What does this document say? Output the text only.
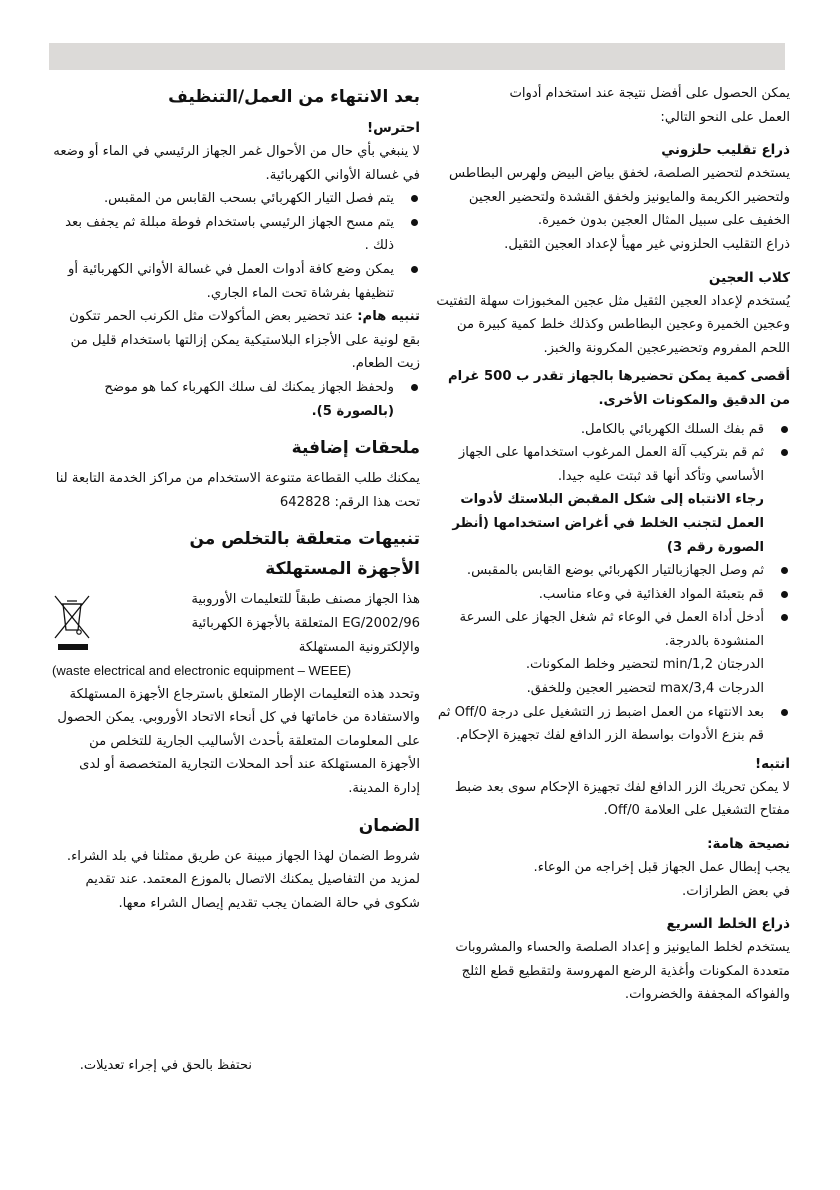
يمكن الحصول على أفضل نتيجة عند استخدام أدوات

العمل على النحو التالي:

ذراع تقليب حلزوني

يستخدم لتحضير الصلصة، لخفق بياض البيض ولهرس البطاطس ولتحضير الكريمة والمايونيز ولخفق القشدة ولتحضير العجين الخفيف على سبيل المثال العجين بدون خميرة.

ذراع التقليب الحلزوني غير مهيأ لإعداد العجين الثقيل.

كلاب العجين

يُستخدم لإعداد العجين الثقيل مثل عجين المخبوزات سهلة التفتيت وعجين الخميرة وعجين البطاطس وكذلك خلط كمية كبيرة من اللحم المفروم وتحضيرعجين المكرونة والخبز.

أقصى كمية يمكن تحضيرها بالجهاز تقدر ب 500 غرام من الدقيق والمكونات الأخرى.

قم بفك السلك الكهربائي بالكامل.
ثم قم بتركيب آلة العمل المرغوب استخدامها على الجهاز الأساسي وتأكد أنها قد ثبتت عليه جيدا.
رجاء الانتباه إلى شكل المقبض البلاستك لأدوات العمل لتجنب الخلط في أغراض استخدامها (أنظر الصورة رقم 3)
ثم وصل الجهازبالتيار الكهربائي بوضع القابس بالمقبس.
قم بتعبئة المواد الغذائية في وعاء مناسب.
أدخل أداة العمل في الوعاء ثم شغل الجهاز على السرعة المنشودة بالدرجة.
الدرجتان min/1,2 لتحضير وخلط المكونات.
الدرجات max/3,4 لتحضير العجين وللخفق.
بعد الانتهاء من العمل اضبط زر التشغيل على درجة Off/0 ثم قم بنزع الأدوات بواسطة الزر الدافع لفك تجهيزة الإحكام.
انتبه!

لا يمكن تحريك الزر الدافع لفك تجهيزة الإحكام سوى بعد ضبط مفتاح التشغيل على العلامة Off/0.

نصيحة هامة:

يجب إبطال عمل الجهاز قبل إخراجه من الوعاء.

في بعض الطرازات.

ذراع الخلط السريع

يستخدم لخلط المايونيز و إعداد الصلصة والحساء والمشروبات متعددة المكونات وأغذية الرضع المهروسة ولتقطيع قطع الثلج والفواكه المجففة والخضروات.

بعد الانتهاء من العمل/التنظيف
احترس!

لا ينبغي بأي حال من الأحوال غمر الجهاز الرئيسي في الماء أو وضعه في غسالة الأواني الكهربائية.

يتم فصل التيار الكهربائي بسحب القابس من المقبس.
يتم مسح الجهاز الرئيسي باستخدام فوطة مبللة ثم يجفف بعد ذلك .
يمكن وضع كافة أدوات العمل في غسالة الأواني الكهربائية أو تنظيفها بفرشاة تحت الماء الجاري.

تنبيه هام: عند تحضير بعض المأكولات مثل الكرنب الحمر تتكون بقع لونية على الأجزاء البلاستيكية يمكن إزالتها باستخدام قليل من زيت الطعام.

ولحفظ الجهاز يمكنك لف سلك الكهرباء كما هو موضح (بالصورة 5).
ملحقات إضافية

يمكنك طلب القطاعة متنوعة الاستخدام من مراكز الخدمة التابعة لنا تحت هذا الرقم: 642828

تنبيهات متعلقة بالتخلص من
الأجهزة المستهلكة

هذا الجهاز مصنف طبقاً للتعليمات الأوروبية

2002/96/EG المتعلقة بالأجهزة الكهربائية

والإلكترونية المستهلكة

(waste electrical and electronic equipment – WEEE)

وتحدد هذه التعليمات الإطار المتعلق باسترجاع الأجهزة المستهلكة والاستفادة من خاماتها في كل أنحاء الاتحاد الأوروبي. يمكن الحصول على المعلومات المتعلقة بأحدث الأساليب الجارية للتخلص من الأجهزة المستهلكة عند أحد المحلات التجارية المتخصصة أو لدى إدارة المدينة.

الضمان

شروط الضمان لهذا الجهاز مبينة عن طريق ممثلنا في بلد الشراء. لمزيد من التفاصيل يمكنك الاتصال بالموزع المعتمد. عند تقديم شكوى في حالة الضمان يجب تقديم إيصال الشراء معها.

نحتفظ بالحق في إجراء تعديلات.
